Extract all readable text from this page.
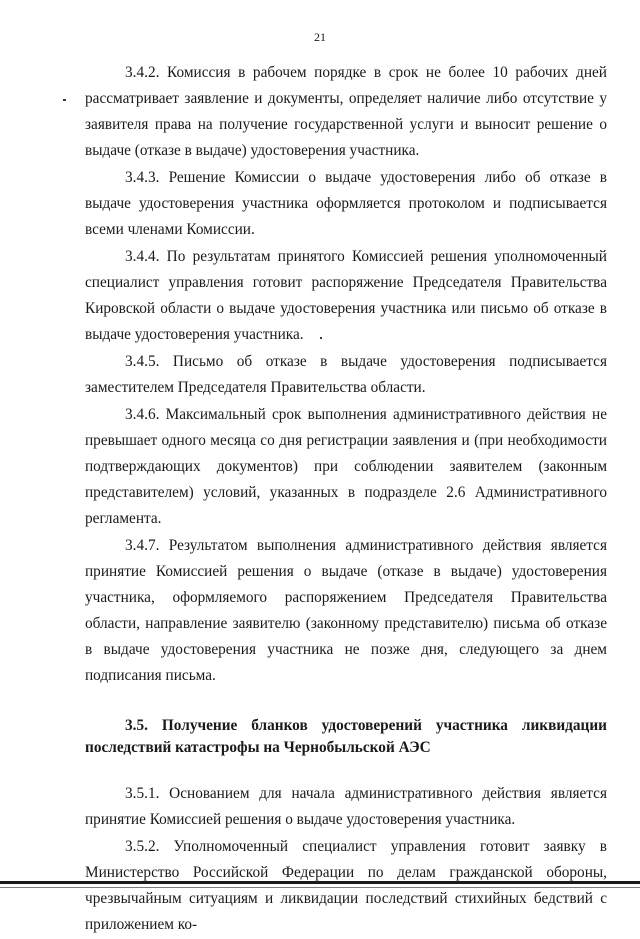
21

3.4.2. Комиссия в рабочем порядке в срок не более 10 рабочих дней рассматривает заявление и документы, определяет наличие либо отсутствие у заявителя права на получение государственной услуги и выносит решение о выдаче (отказе в выдаче) удостоверения участника.

3.4.3. Решение Комиссии о выдаче удостоверения либо об отказе в выдаче удостоверения участника оформляется протоколом и подписывается всеми членами Комиссии.

3.4.4. По результатам принятого Комиссией решения уполномоченный специалист управления готовит распоряжение Председателя Правительства Кировской области о выдаче удостоверения участника или письмо об отказе в выдаче удостоверения участника.

3.4.5. Письмо об отказе в выдаче удостоверения подписывается заместителем Председателя Правительства области.

3.4.6. Максимальный срок выполнения административного действия не превышает одного месяца со дня регистрации заявления и (при необходимости подтверждающих документов) при соблюдении заявителем (законным представителем) условий, указанных в подразделе 2.6 Административного регламента.

3.4.7. Результатом выполнения административного действия является принятие Комиссией решения о выдаче (отказе в выдаче) удостоверения участника, оформляемого распоряжением Председателя Правительства области, направление заявителю (законному представителю) письма об отказе в выдаче удостоверения участника не позже дня, следующего за днем подписания письма.

3.5. Получение бланков удостоверений участника ликвидации последствий катастрофы на Чернобыльской АЭС

3.5.1. Основанием для начала административного действия является принятие Комиссией решения о выдаче удостоверения участника.

3.5.2. Уполномоченный специалист управления готовит заявку в Министерство Российской Федерации по делам гражданской обороны, чрезвычайным ситуациям и ликвидации последствий стихийных бедствий с приложением ко-
